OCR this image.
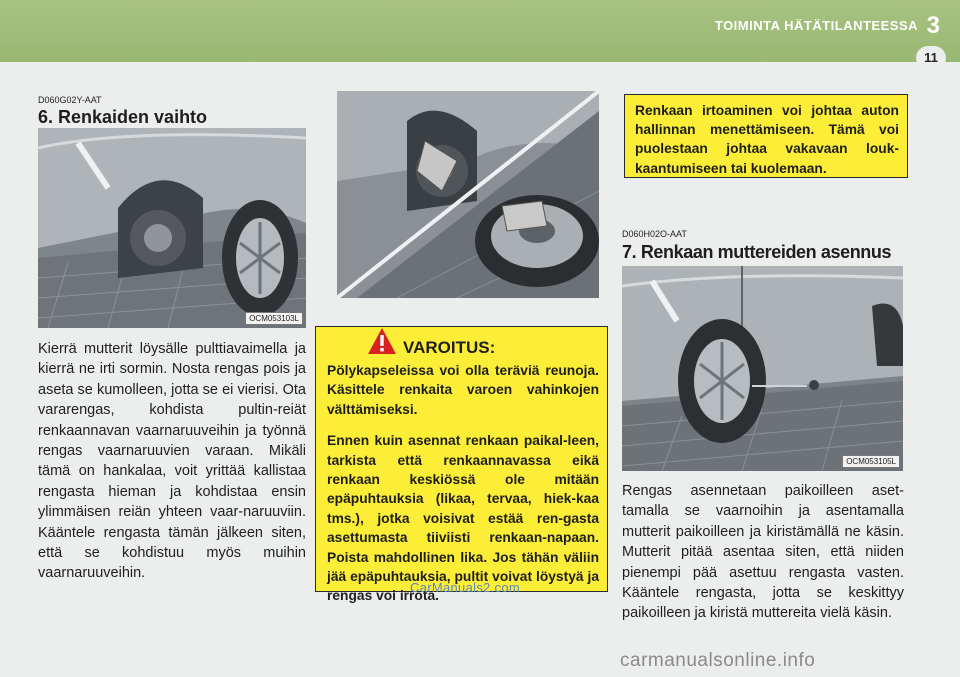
TOIMINTA HÄTÄTILANTEESSA 3
11
D060G02Y-AAT
6. Renkaiden vaihto
OCM053103L

Kierrä mutterit löysälle pulttiavaimella ja kierrä ne irti sormin. Nosta rengas pois ja aseta se kumolleen, jotta se ei vierisi. Ota vararengas, kohdista pultin-reiät renkaannavan vaarnaruuveihin ja työnnä rengas vaarnaruuvien varaan. Mikäli tämä on hankalaa, voit yrittää kallistaa rengasta hieman ja kohdistaa ensin ylimmäisen reiän yhteen vaar-naruuviin. Kääntele rengasta tämän jälkeen siten, että se kohdistuu myös muihin vaarnaruuveihin.

VAROITUS:

Pölykapseleissa voi olla teräviä reunoja. Käsittele renkaita varoen vahinkojen välttämiseksi.

Ennen kuin asennat renkaan paikal-leen, tarkista että renkaannavassa eikä renkaan keskiössä ole mitään epäpuhtauksia (likaa, tervaa, hiek-kaa tms.), jotka voisivat estää ren-gasta asettumasta tiiviisti renkaan-napaan. Poista mahdollinen lika. Jos tähän väliin jää epäpuhtauksia, pultit voivat löystyä ja rengas voi irrota.

Renkaan irtoaminen voi johtaa auton hallinnan menettämiseen. Tämä voi puolestaan johtaa vakavaan louk-kaantumiseen tai kuolemaan.
D060H02O-AAT
7. Renkaan muttereiden asennus
OCM053105L

Rengas asennetaan paikoilleen aset-tamalla se vaarnoihin ja asentamalla mutterit paikoilleen ja kiristämällä ne käsin. Mutterit pitää asentaa siten, että niiden pienempi pää asettuu rengasta vasten. Kääntele rengasta, jotta se keskittyy paikoilleen ja kiristä muttereita vielä käsin.

CarManuals2.com
carmanualsonline.info
